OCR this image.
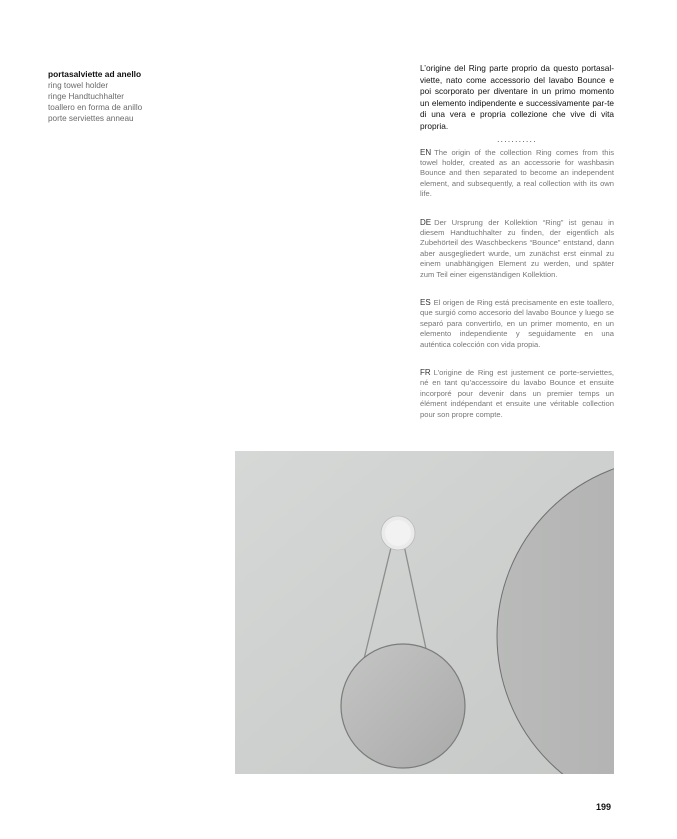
portasalviette ad anello
ring towel holder
ringe Handtuchhalter
toallero en forma de anillo
porte serviettes anneau
L’origine del Ring parte proprio da questo portasal-viette, nato come accessorio del lavabo Bounce e poi scorporato per diventare in un primo momento un elemento indipendente e successivamente par-te di una vera e propria collezione che vive di vita propria.
...........

EN The origin of the collection Ring comes from this towel holder, created as an accessorie for washbasin Bounce and then separated to become an independent element, and subsequently, a real collection with its own life.

DE Der Ursprung der Kollektion “Ring” ist genau in diesem Handtuchhalter zu finden, der eigentlich als Zubehörteil des Waschbeckens “Bounce” entstand, dann aber ausgegliedert wurde, um zunächst erst einmal zu einem unabhängigen Element zu werden, und später zum Teil einer eigenständigen Kollektion.

ES El origen de Ring está precisamente en este toallero, que surgió como accesorio del lavabo Bounce y luego se separó para convertirlo, en un primer momento, en un elemento independiente y seguidamente en una auténtica colección con vida propia.

FR L’origine de Ring est justement ce porte-serviettes, né en tant qu’accessoire du lavabo Bounce et ensuite incorporé pour devenir dans un premier temps un élément indépendant et ensuite une véritable collection pour son propre compte.

199
